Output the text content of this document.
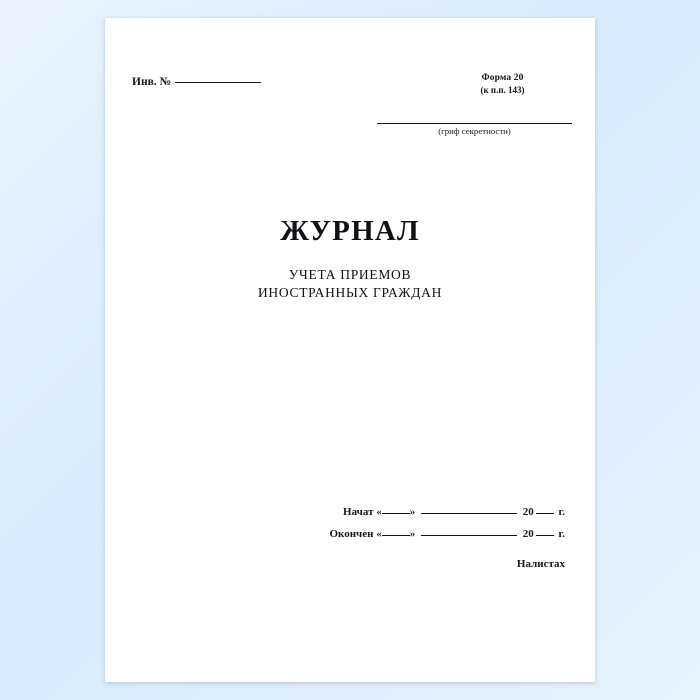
Инв. №	Форма 20
(к п.п. 143)
(гриф секретности)
ЖУРНАЛ
УЧЕТА ПРИЕМОВ
ИНОСТРАННЫХ ГРАЖДАН
Начат «	»	20 г.
Окончен «	»	20 г.
Налистах
